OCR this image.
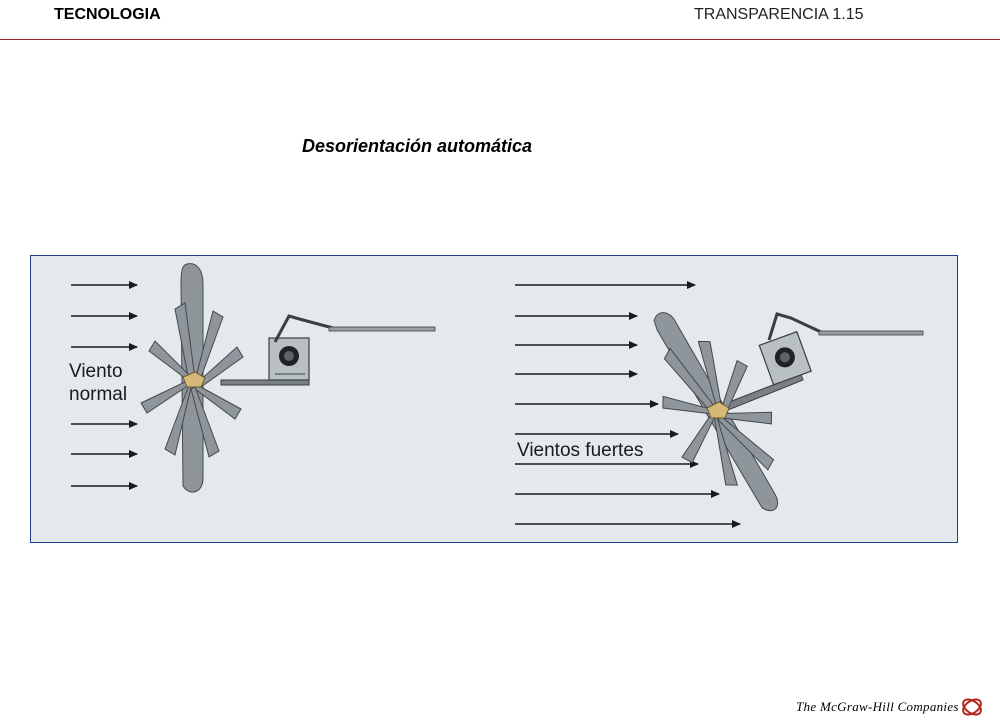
TECNOLOGIA	TRANSPARENCIA 1.15
Desorientación automática
Viento
normal
Vientos fuertes
The McGraw-Hill Companies
